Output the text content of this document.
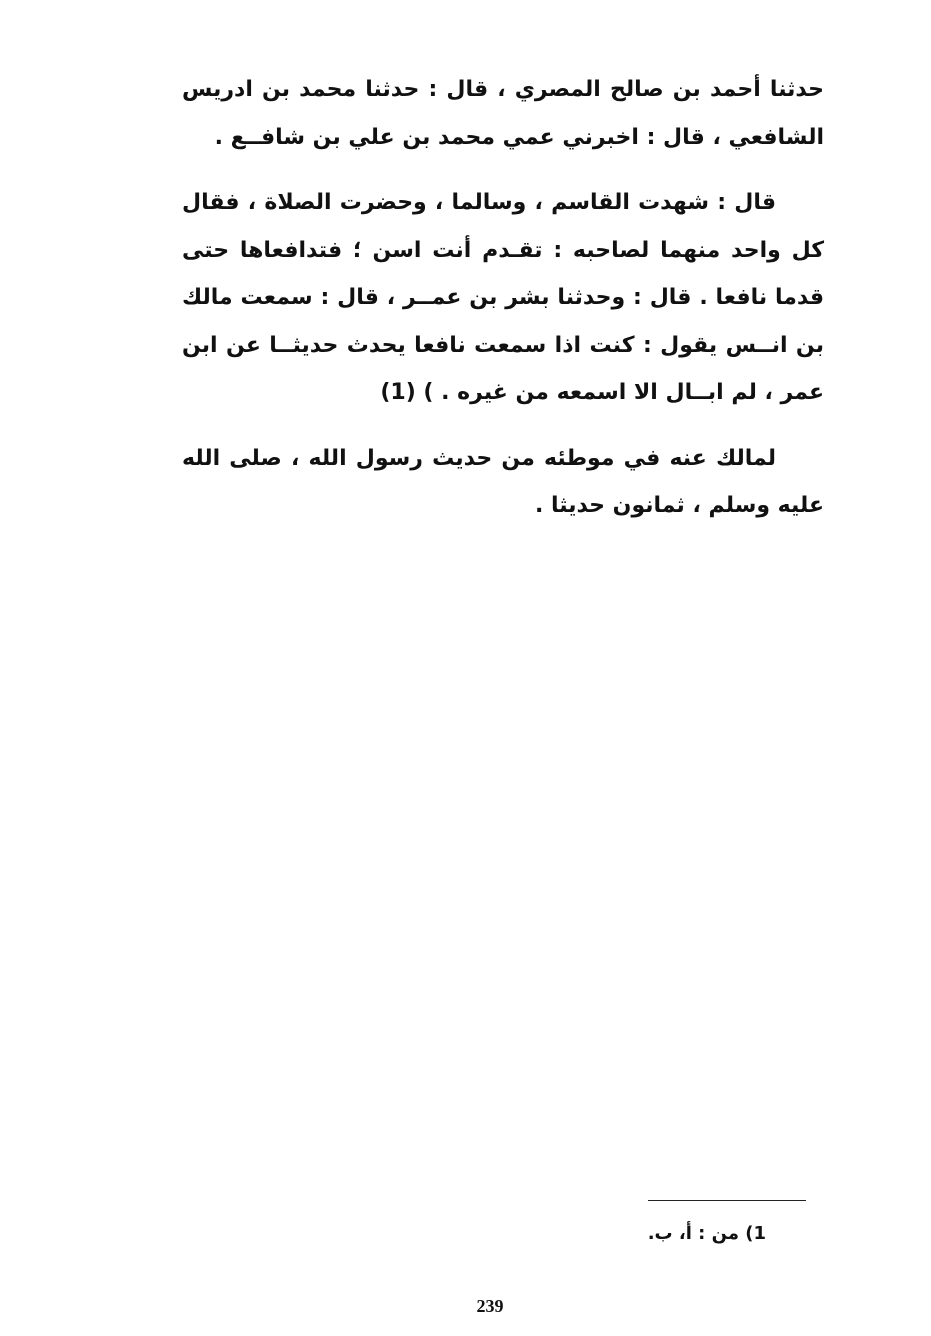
حدثنا أحمد بن صالح المصري ، قال : حدثنا محمد بن ادريس الشافعي ، قال : اخبرني عمي محمد بن علي بن شافــع .

قال : شهدت القاسم ، وسالما ، وحضرت الصلاة ، فقال كل واحد منهما لصاحبه : تقـدم أنت اسن ؛ فتدافعاها حتى قدما نافعا . قال : وحدثنا بشر بن عمــر ، قال : سمعت مالك بن انــس يقول : كنت اذا سمعت نافعا يحدث حديثــا عن ابن عمر ، لم ابــال الا اسمعه من غيره . ) (1)

لمالك عنه في موطئه من حديث رسول الله ، صلى الله عليه وسلم ، ثمانون حديثا .

1) من : أ، ب.
239
